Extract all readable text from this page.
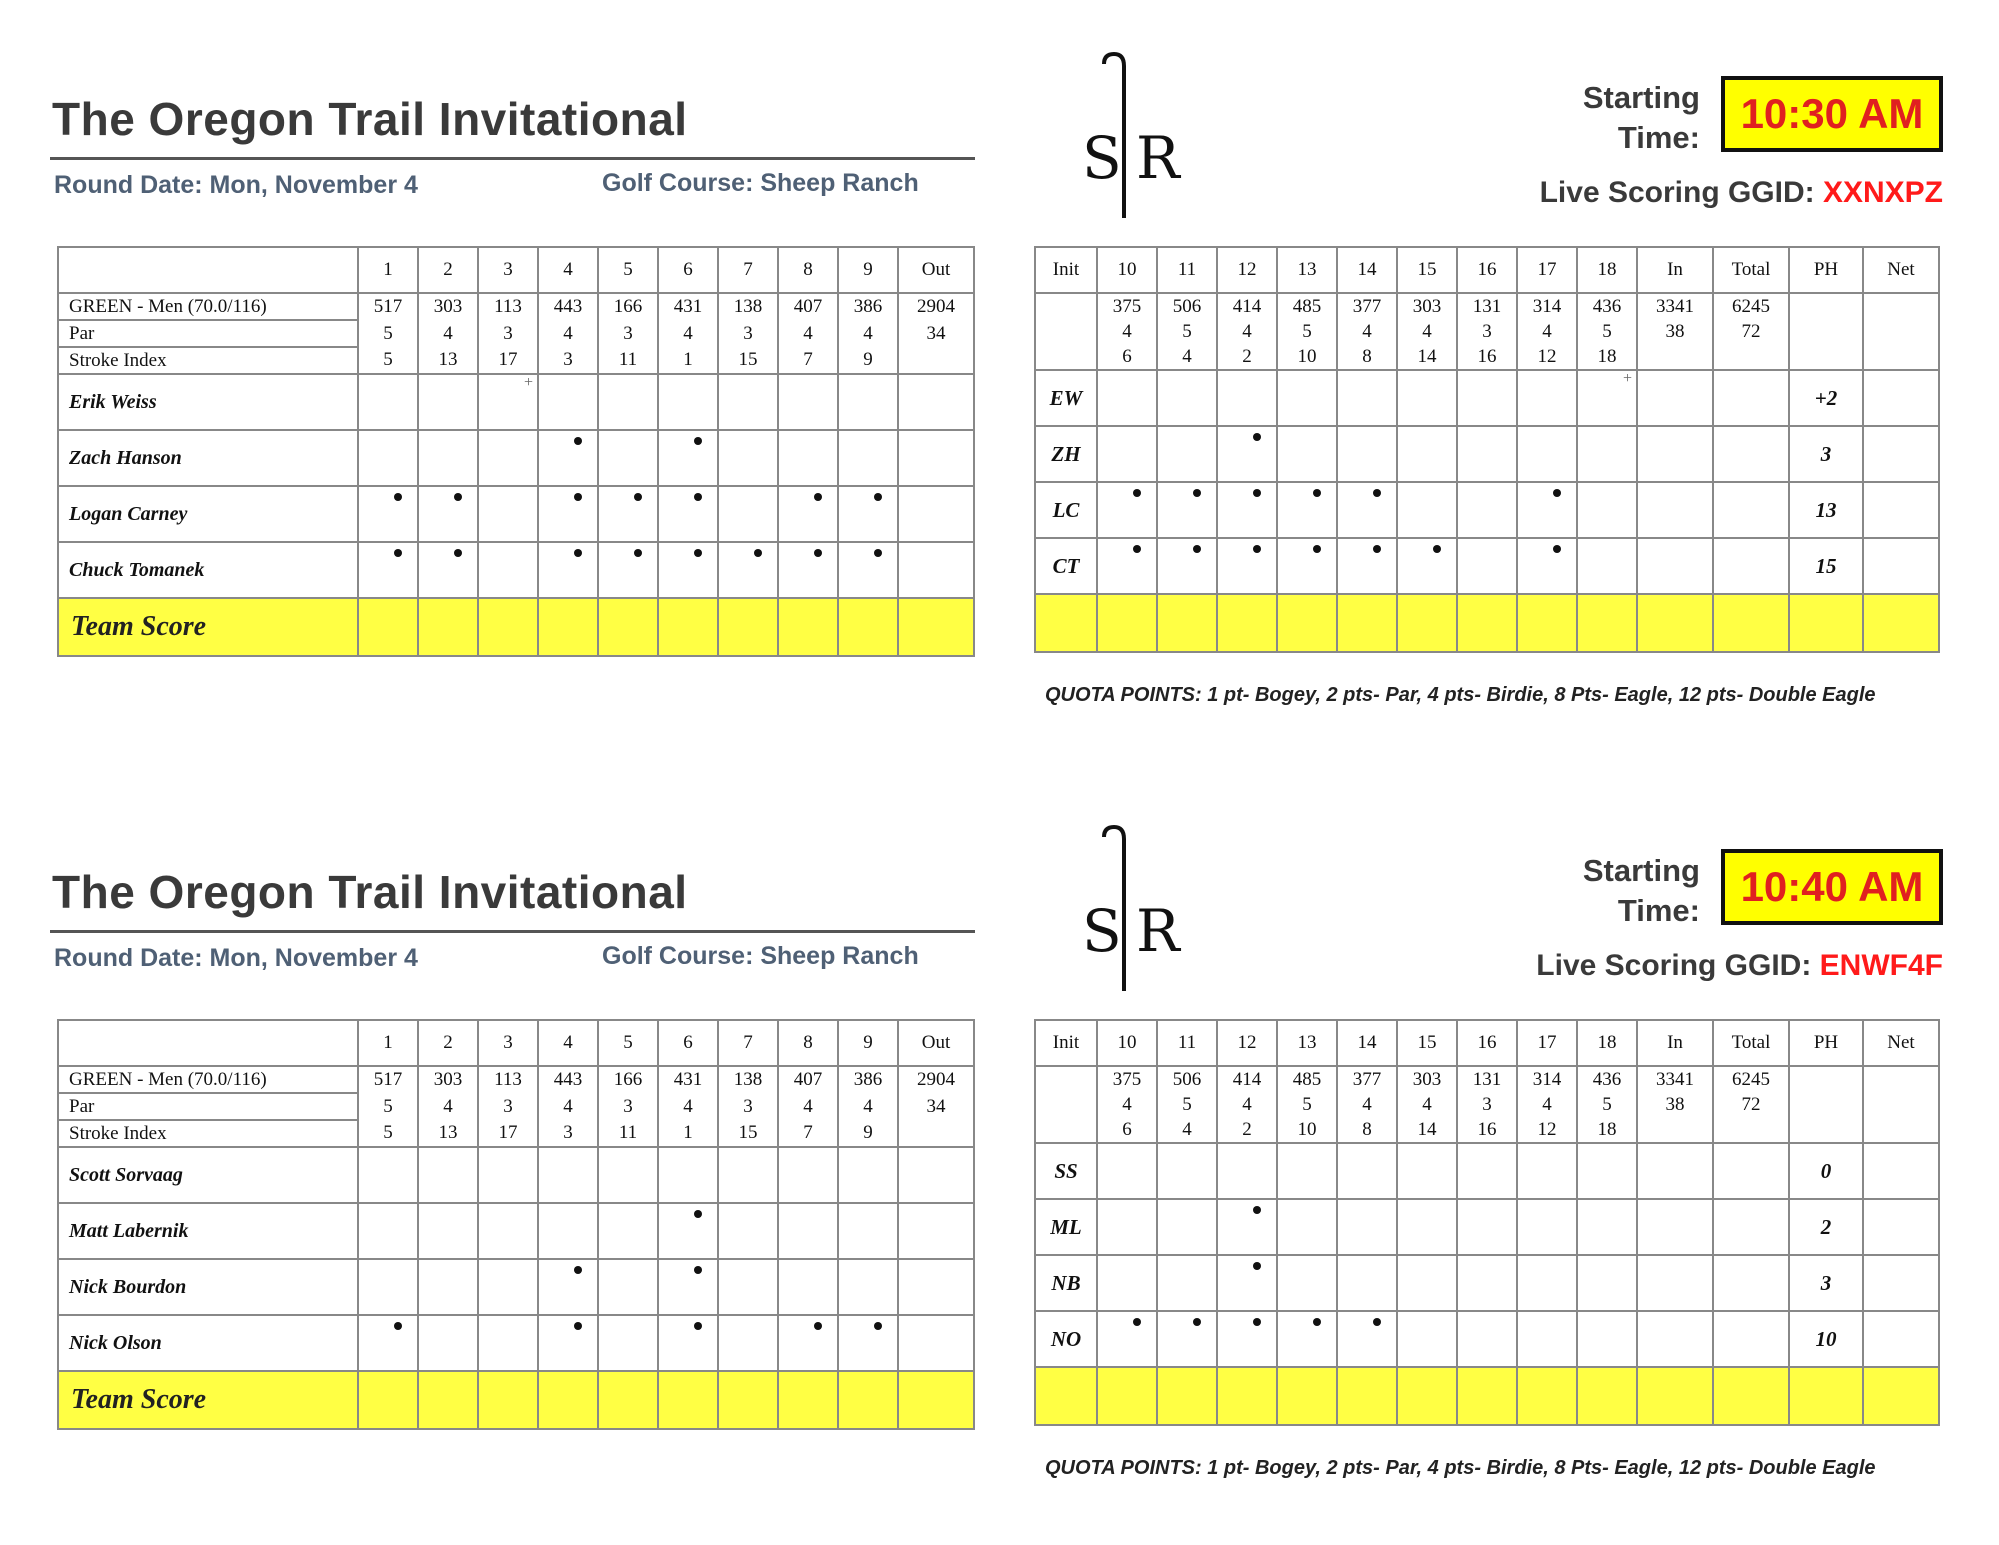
The Oregon Trail Invitational
Round Date: Mon, November 4	Golf Course: Sheep Ranch	S R
Starting Time:
10:30 AM
Live Scoring GGID: XXNXPZ
	1	2	3	4	5	6	7	8	9	Out
GREEN - Men (70.0/116)	517	303	113	443	166	431	138	407	386	2904
Par	5	4	3	4	3	4	3	4	4	34
Stroke Index	5	13	17	3	11	1	15	7	9	
Erik Weiss			+							

Zach Hanson				

Logan Carney	

Chuck Tomanek	

Team Score										
Init	10	11	12	13	14	15	16	17	18	In	Total	PH	Net
	375	506	414	485	377	303	131	314	436	3341	6245		
	4	5	4	5	4	4	3	4	5	38	72		
	6	4	2	10	8	14	16	12	18				
EW									+			+2	
ZH												3	
LC												13	
CT												15	

QUOTA POINTS: 1 pt- Bogey, 2 pts- Par, 4 pts- Birdie, 8 Pts- Eagle, 12 pts- Double Eagle
The Oregon Trail Invitational
Round Date: Mon, November 4	Golf Course: Sheep Ranch	S R
Starting Time:
10:40 AM
Live Scoring GGID: ENWF4F
	1	2	3	4	5	6	7	8	9	Out
GREEN - Men (70.0/116)	517	303	113	443	166	431	138	407	386	2904
Par	5	4	3	4	3	4	3	4	4	34
Stroke Index	5	13	17	3	11	1	15	7	9	
Scott Sorvaag										
Matt Labernik						

Nick Bourdon				

Nick Olson	

Team Score										
Init	10	11	12	13	14	15	16	17	18	In	Total	PH	Net
	375	506	414	485	377	303	131	314	436	3341	6245		
	4	5	4	5	4	4	3	4	5	38	72		
	6	4	2	10	8	14	16	12	18				
SS												0	
ML												2	
NB												3	
NO												10	

QUOTA POINTS: 1 pt- Bogey, 2 pts- Par, 4 pts- Birdie, 8 Pts- Eagle, 12 pts- Double Eagle
